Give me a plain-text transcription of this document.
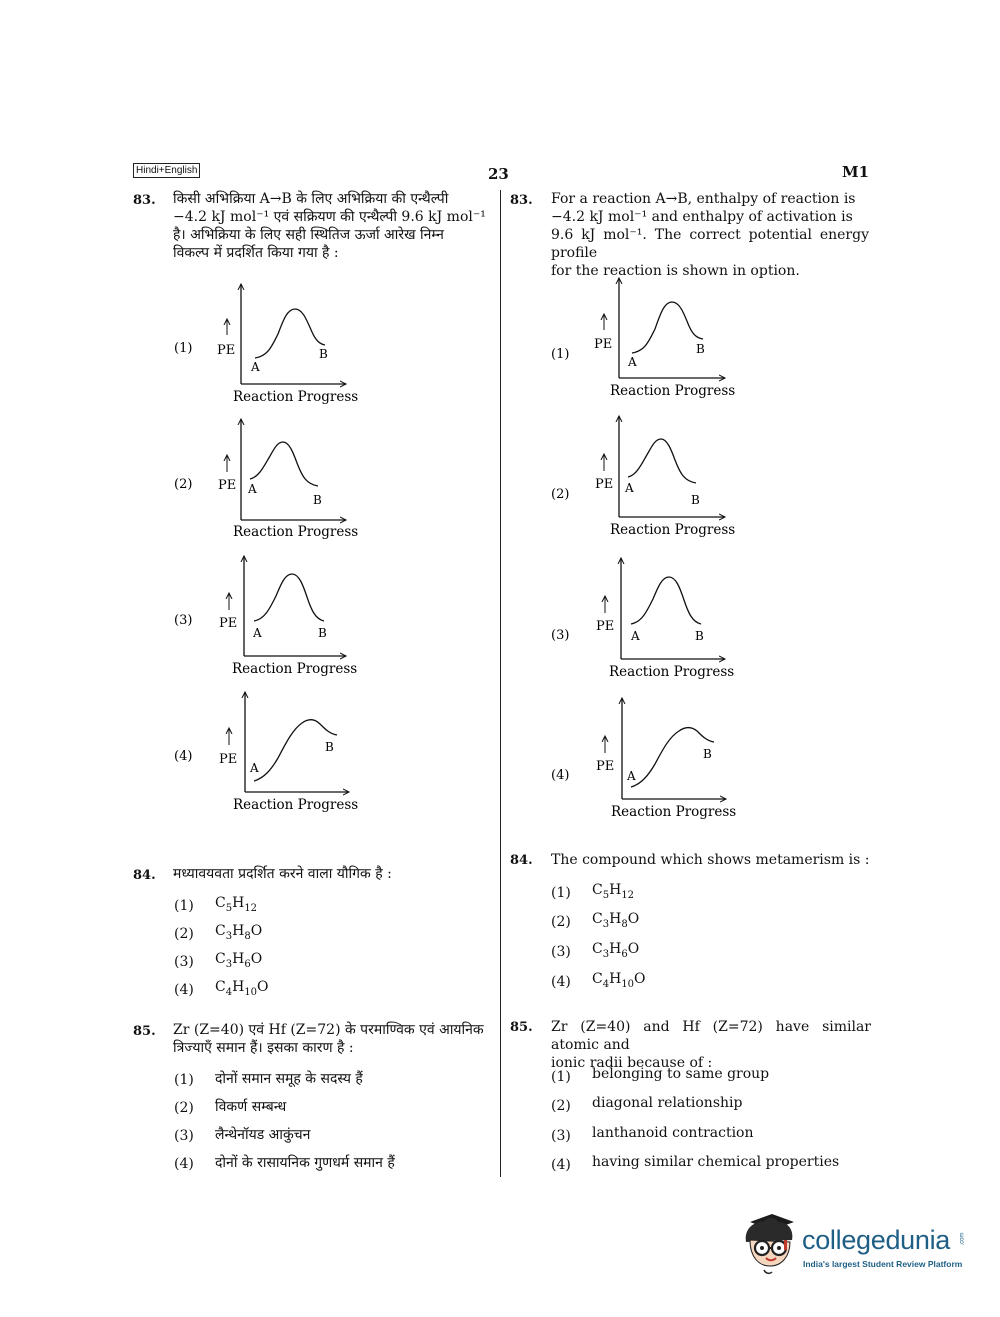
Hindi+English	23	M1
83. किसी अभिक्रिया A→B के लिए अभिक्रिया की एन्थैल्पी
−4.2 kJ mol⁻¹ एवं सक्रियण की एन्थैल्पी 9.6 kJ mol⁻¹
है। अभिक्रिया के लिए सही स्थितिज ऊर्जा आरेख निम्न
विकल्प में प्रदर्शित किया गया है :
83. For a reaction A→B, enthalpy of reaction is
−4.2 kJ mol⁻¹ and enthalpy of activation is
9.6 kJ mol⁻¹. The correct potential energy profile
for the reaction is shown in option.
(1) PE
A
B
Reaction Progress
(2) PE A
B
Reaction Progress
(3) PE
A	B
Reaction Progress
(4) PE
A
B
Reaction Progress
(1)
PE
A
B
Reaction Progress
(2)
PE A
B
Reaction Progress
(3)
PE
A	B
Reaction Progress
(4)
PE
A
B
Reaction Progress
84. मध्यावयवता प्रदर्शित करने वाला यौगिक है :
(1) $C_5H_{12}$
(2) $C_3H_8O$
(3) $C_3H_6O$
(4) $C_4H_{10}O$
84. The compound which shows metamerism is :
(1) $C_5H_{12}$
(2) $C_3H_8O$
(3) $C_3H_6O$
(4) $C_4H_{10}O$
85. Zr (Z=40) एवं Hf (Z=72) के परमाण्विक एवं आयनिक
त्रिज्याएँ समान हैं। इसका कारण है :
(1) दोनों समान समूह के सदस्य हैं
(2) विकर्ण सम्बन्ध
(3) लैन्थेनॉयड आकुंचन
(4) दोनों के रासायनिक गुणधर्म समान हैं
85. Zr (Z=40) and Hf (Z=72) have similar atomic and
ionic radii because of :
(1) belonging to same group
(2) diagonal relationship
(3) lanthanoid contraction
(4) having similar chemical properties
collegedunia .com
India's largest Student Review Platform
